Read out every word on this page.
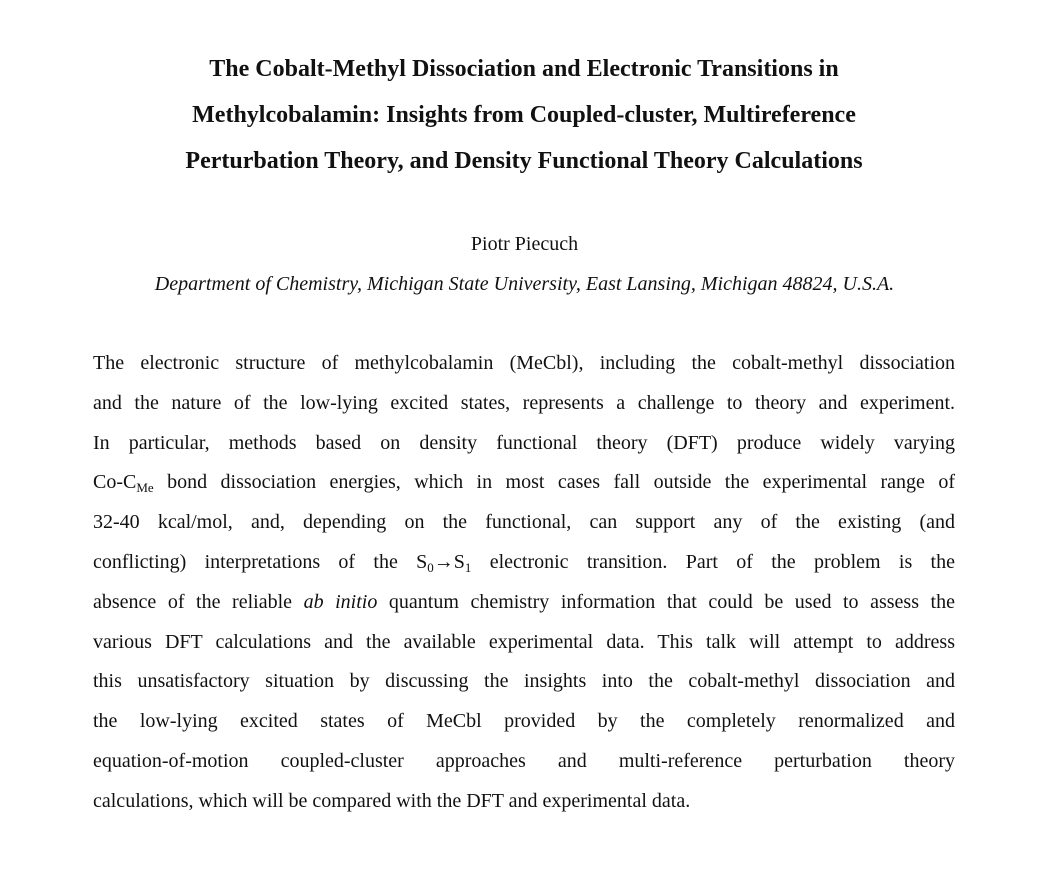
The Cobalt-Methyl Dissociation and Electronic Transitions in
Methylcobalamin: Insights from Coupled-cluster, Multireference
Perturbation Theory, and Density Functional Theory Calculations

Piotr Piecuch

Department of Chemistry, Michigan State University, East Lansing, Michigan 48824, U.S.A.

The electronic structure of methylcobalamin (MeCbl), including the cobalt-methyl dissociation
and the nature of the low-lying excited states, represents a challenge to theory and experiment.
In particular, methods based on density functional theory (DFT) produce widely varying
$Co-C_{Me}$ bond dissociation energies, which in most cases fall outside the experimental range of
32-40 kcal/mol, and, depending on the functional, can support any of the existing (and
conflicting) interpretations of the $S_0\to S_1$ electronic transition. Part of the problem is the
absence of the reliable ab initio quantum chemistry information that could be used to assess the
various DFT calculations and the available experimental data. This talk will attempt to address
this unsatisfactory situation by discussing the insights into the cobalt-methyl dissociation and
the low-lying excited states of MeCbl provided by the completely renormalized and
equation-of-motion coupled-cluster approaches and multi-reference perturbation theory
calculations, which will be compared with the DFT and experimental data.
